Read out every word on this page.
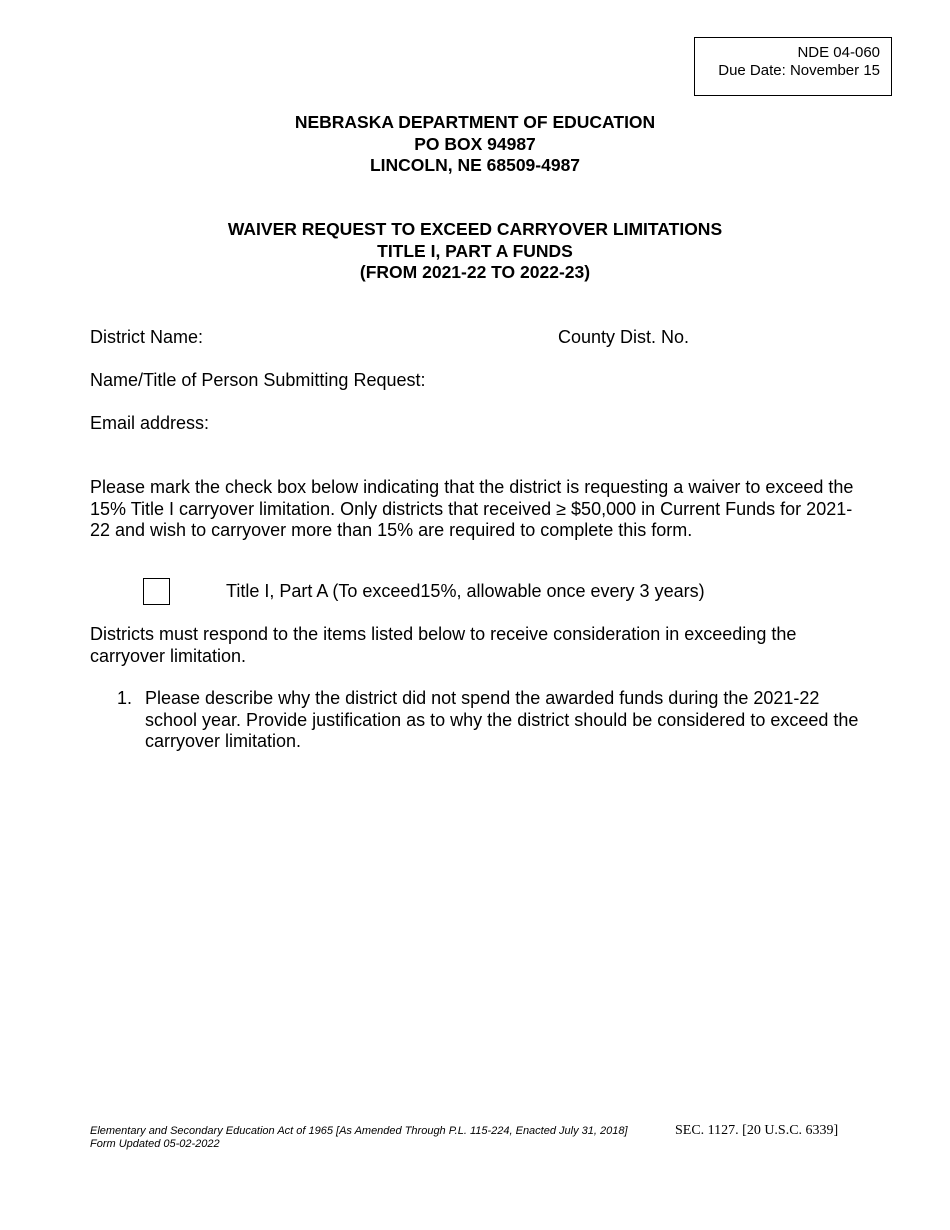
NDE 04-060
Due Date: November 15
NEBRASKA DEPARTMENT OF EDUCATION
PO BOX 94987
LINCOLN, NE 68509-4987
WAIVER REQUEST TO EXCEED CARRYOVER LIMITATIONS
TITLE I, PART A FUNDS
(FROM 2021-22 TO 2022-23)
District Name:	County Dist. No.
Name/Title of Person Submitting Request:
Email address:
Please mark the check box below indicating that the district is requesting a waiver to exceed the 15% Title I carryover limitation. Only districts that received ≥ $50,000 in Current Funds for 2021-22 and wish to carryover more than 15% are required to complete this form.
Title I, Part A (To exceed15%, allowable once every 3 years)
Districts must respond to the items listed below to receive consideration in exceeding the carryover limitation.
1. Please describe why the district did not spend the awarded funds during the 2021-22 school year. Provide justification as to why the district should be considered to exceed the carryover limitation.
Elementary and Secondary Education Act of 1965 [As Amended Through P.L. 115-224, Enacted July 31, 2018]
Form Updated 05-02-2022
SEC. 1127. [20 U.S.C. 6339]
